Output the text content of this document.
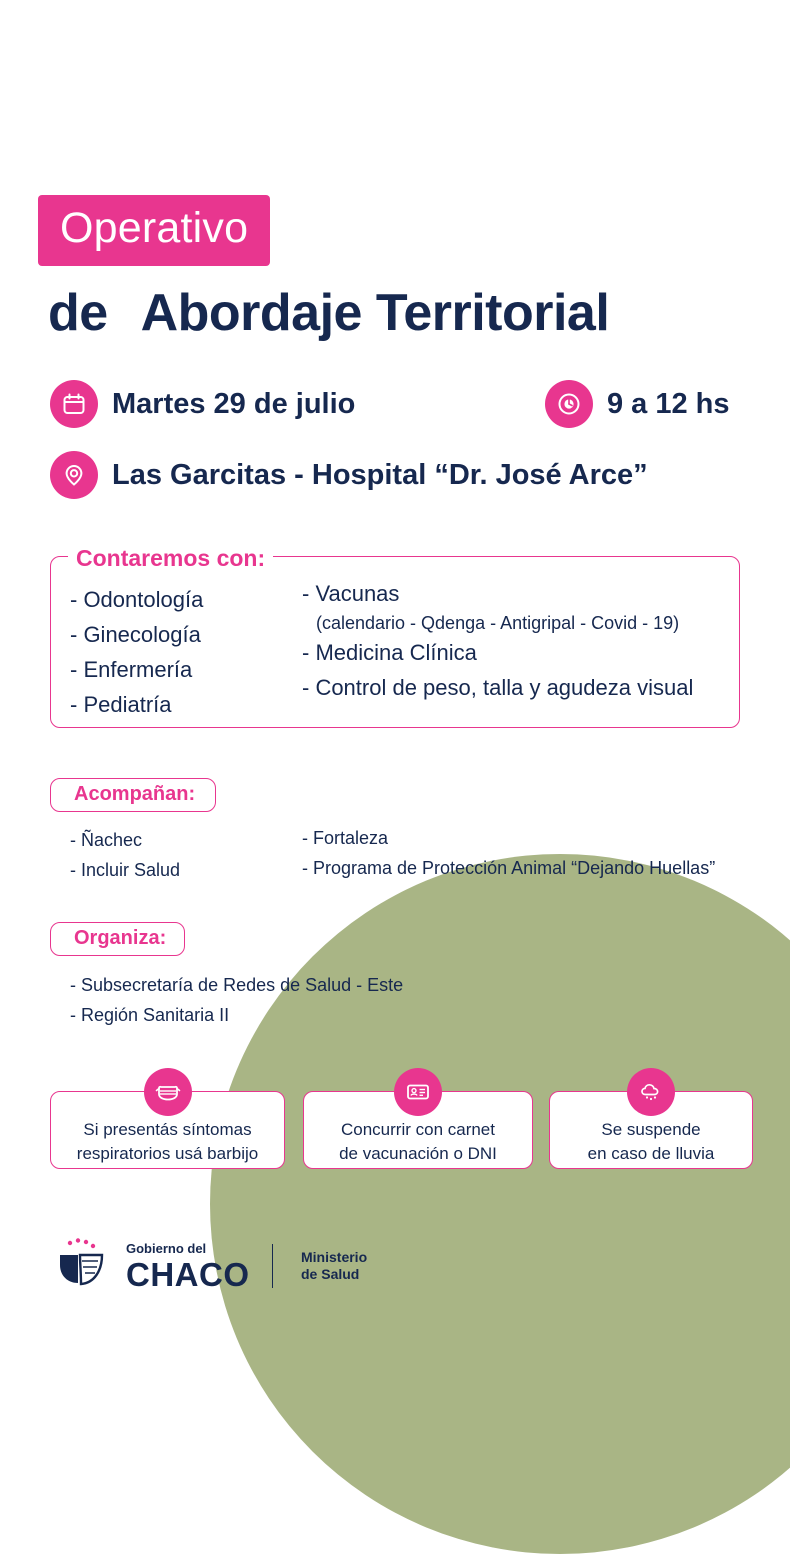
Operativo
de Abordaje Territorial
Martes 29 de julio	9 a 12 hs
Las Garcitas - Hospital “Dr. José Arce”
Contaremos con:
- Odontología
- Ginecología
- Enfermería
- Pediatría
- Vacunas
(calendario - Qdenga - Antigripal - Covid - 19)
- Medicina Clínica
- Control de peso, talla y agudeza visual
Acompañan:
- Ñachec
- Incluir Salud
- Fortaleza
- Programa de Protección Animal “Dejando Huellas”
Organiza:
- Subsecretaría de Redes de Salud - Este
- Región Sanitaria II
Si presentás síntomas
respiratorios usá barbijo
Concurrir con carnet
de vacunación o DNI
Se suspende
en caso de lluvia
Gobierno del
CHACO	Ministerio
de Salud
